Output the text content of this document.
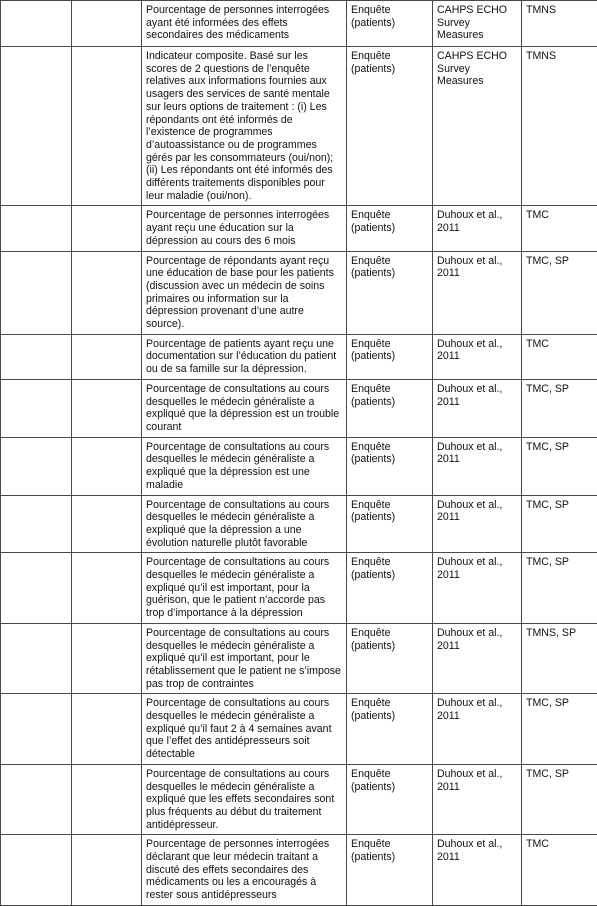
		Pourcentage de personnes interrogées ayant été informées des effets secondaires des médicaments	Enquête (patients)	CAHPS ECHO Survey Measures	TMNS
		Indicateur composite. Basé sur les scores de 2 questions de l’enquête relatives aux informations fournies aux usagers des services de santé mentale sur leurs options de traitement : (i) Les répondants ont été informés de l’existence de programmes d’autoassistance ou de programmes gérés par les consommateurs (oui/non); (ii) Les répondants ont été informés des différents traitements disponibles pour leur maladie (oui/non).	Enquête (patients)	CAHPS ECHO Survey Measures	TMNS
		Pourcentage de personnes interrogées ayant reçu une éducation sur la dépression au cours des 6 mois	Enquête (patients)	Duhoux et al., 2011	TMC
		Pourcentage de répondants ayant reçu une éducation de base pour les patients (discussion avec un médecin de soins primaires ou information sur la dépression provenant d’une autre source).	Enquête (patients)	Duhoux et al., 2011	TMC, SP
		Pourcentage de patients ayant reçu une documentation sur l’éducation du patient ou de sa famille sur la dépression.	Enquête (patients)	Duhoux et al., 2011	TMC
		Pourcentage de consultations au cours desquelles le médecin généraliste a expliqué que la dépression est un trouble courant	Enquête (patients)	Duhoux et al., 2011	TMC, SP
		Pourcentage de consultations au cours desquelles le médecin généraliste a expliqué que la dépression est une maladie	Enquête (patients)	Duhoux et al., 2011	TMC, SP
		Pourcentage de consultations au cours desquelles le médecin généraliste a expliqué que la dépression a une évolution naturelle plutôt favorable	Enquête (patients)	Duhoux et al., 2011	TMC, SP
		Pourcentage de consultations au cours desquelles le médecin généraliste a expliqué qu’il est important, pour la guérison, que le patient n’accorde pas trop d’importance à la dépression	Enquête (patients)	Duhoux et al., 2011	TMC, SP
		Pourcentage de consultations au cours desquelles le médecin généraliste a expliqué qu’il est important, pour le rétablissement que le patient ne s’impose pas trop de contraintes	Enquête (patients)	Duhoux et al., 2011	TMNS, SP
		Pourcentage de consultations au cours desquelles le médecin généraliste a expliqué qu’il faut 2 à 4 semaines avant que l’effet des antidépresseurs soit détectable	Enquête (patients)	Duhoux et al., 2011	TMC, SP
		Pourcentage de consultations au cours desquelles le médecin généraliste a expliqué que les effets secondaires sont plus fréquents au début du traitement antidépresseur.	Enquête (patients)	Duhoux et al., 2011	TMC, SP
		Pourcentage de personnes interrogées déclarant que leur médecin traitant a discuté des effets secondaires des médicaments ou les a encouragés à rester sous antidépresseurs	Enquête (patients)	Duhoux et al., 2011	TMC
